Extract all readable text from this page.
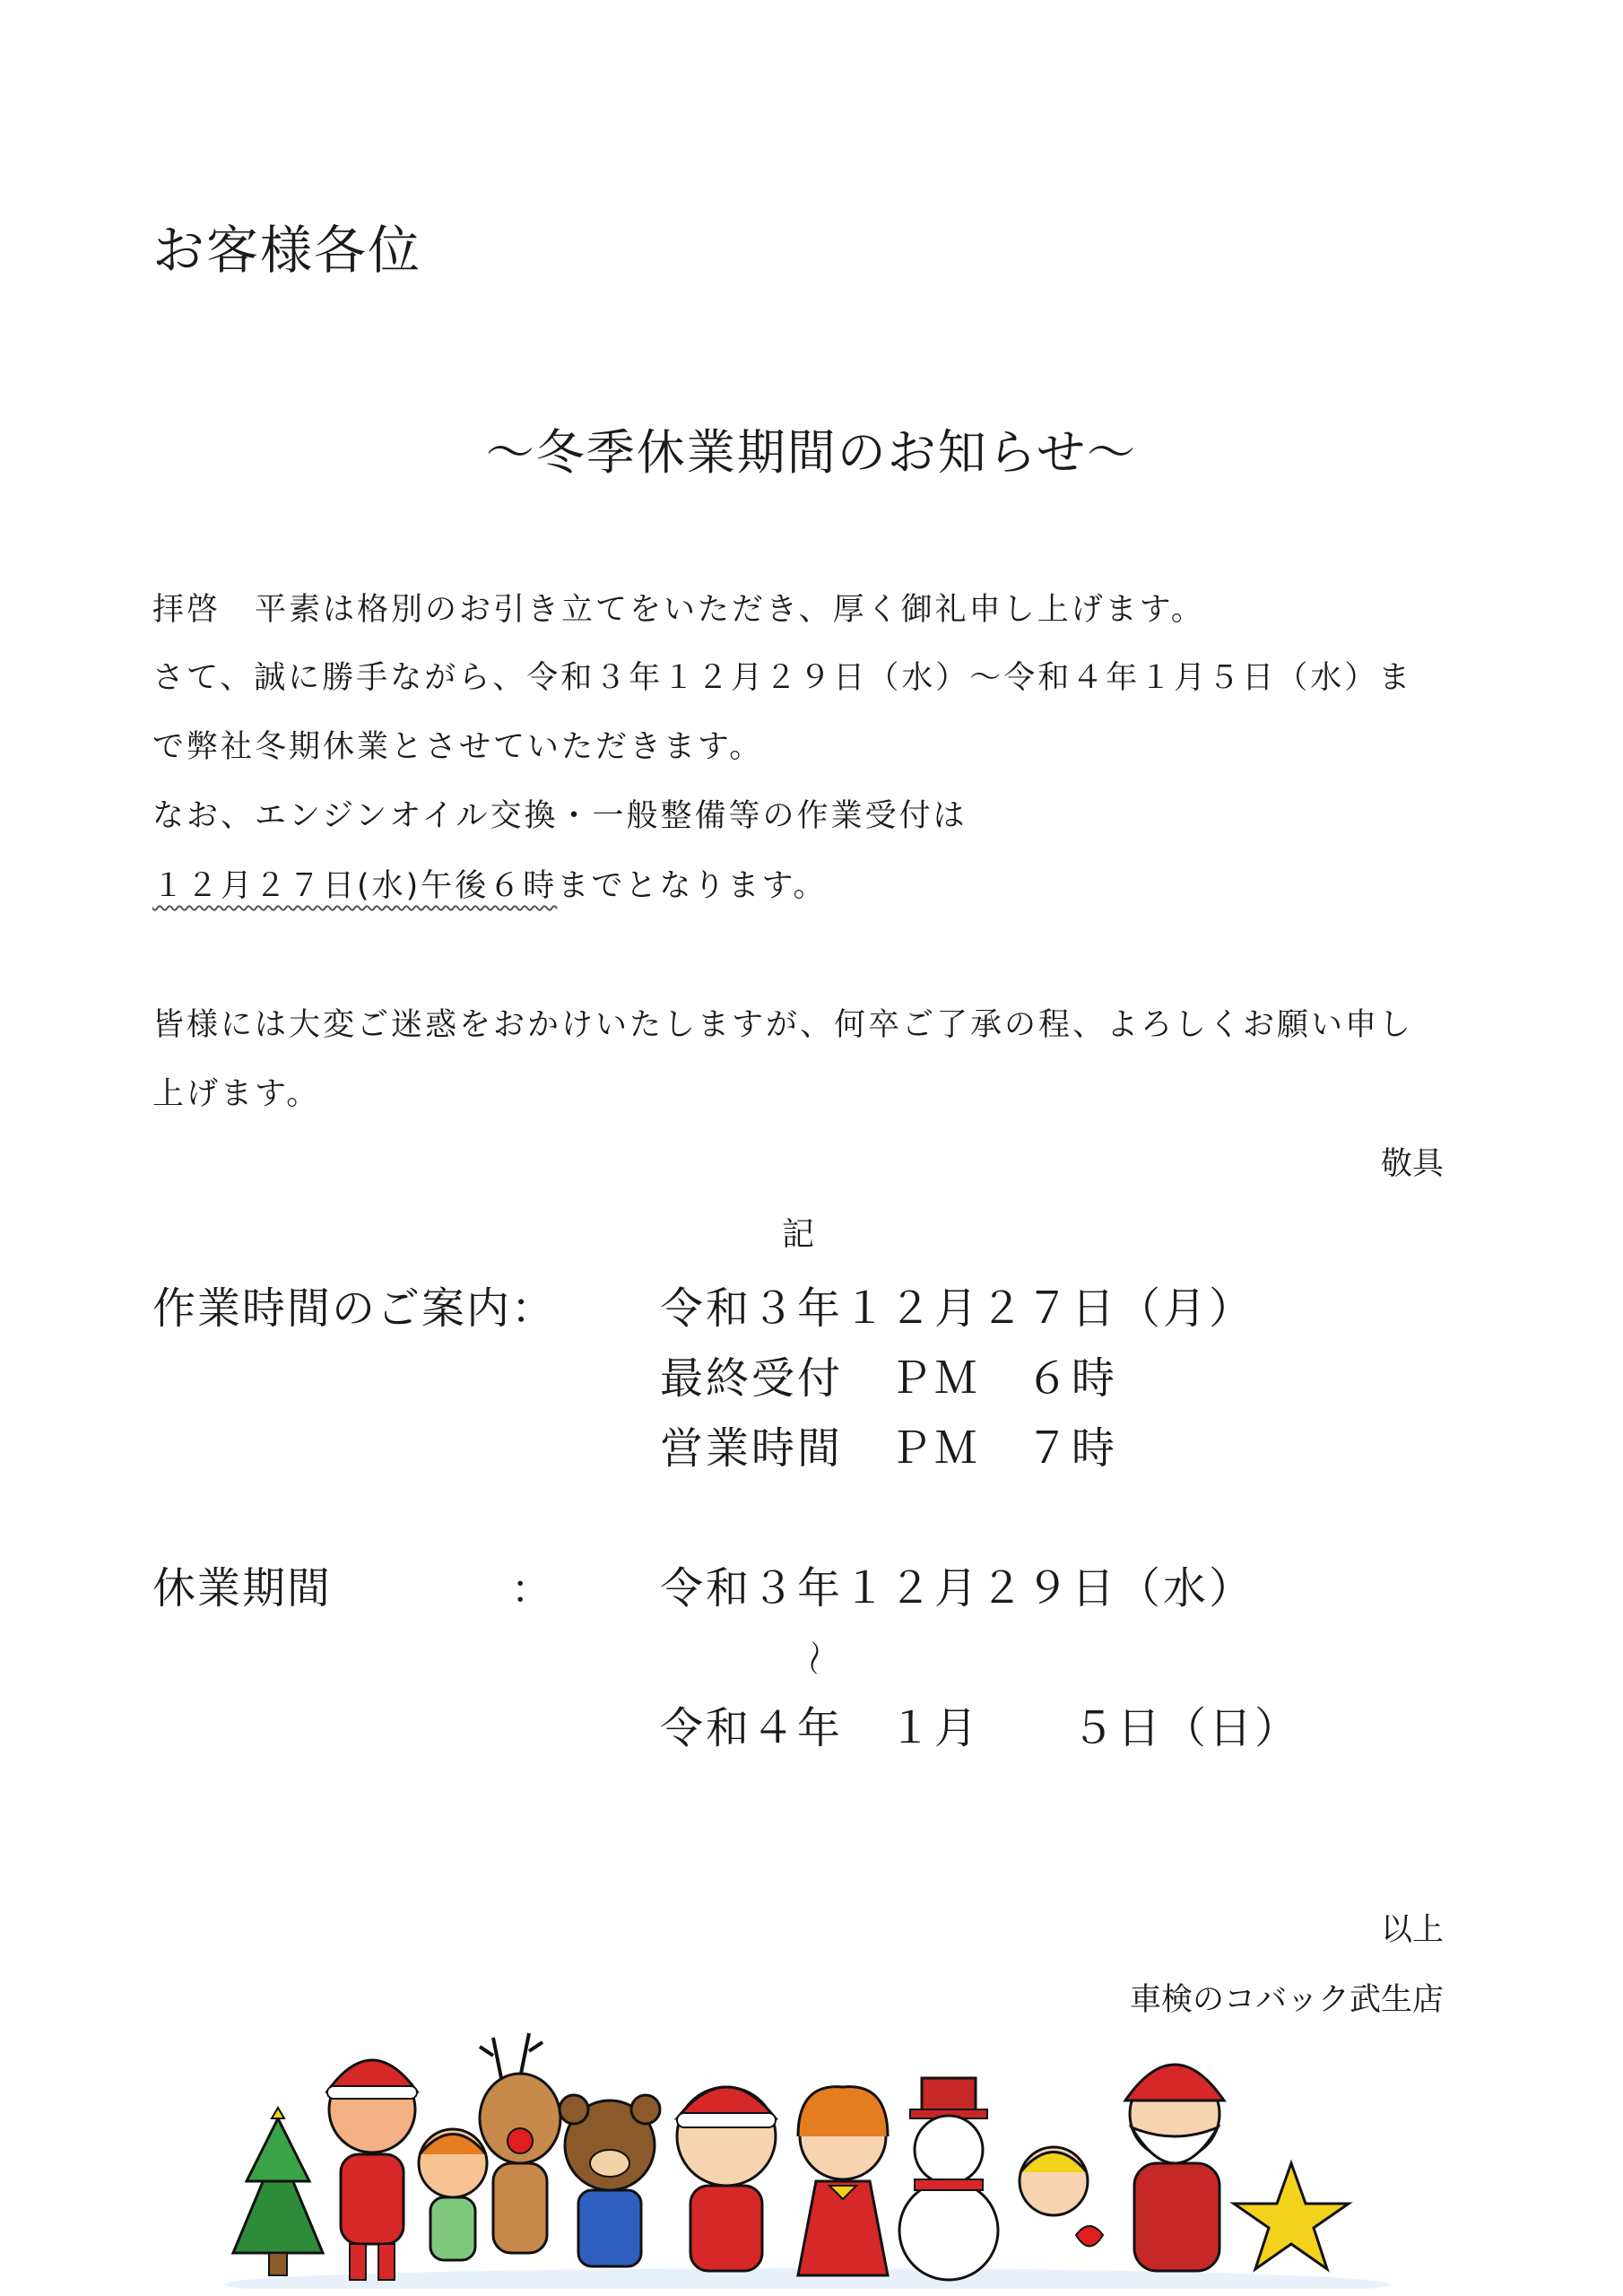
お客様各位
～冬季休業期間のお知らせ～
拝啓　平素は格別のお引き立てをいただき、厚く御礼申し上げます。
さて、誠に勝手ながら、令和３年１２月２９日（水）～令和４年１月５日（水）ま
で弊社冬期休業とさせていただきます。
なお、エンジンオイル交換・一般整備等の作業受付は
１２月２７日(水)午後６時までとなります。
皆様には大変ご迷惑をおかけいたしますが、何卒ご了承の程、よろしくお願い申し
上げます。
敬具
記
作業時間のご案内： 令和３年１２月２７日（月）
最終受付　ＰＭ　６時
営業時間　ＰＭ　７時
休業期間	：	令和３年１２月２９日（水）
～
令和４年　１月　　５日（日）
以上
車検のコバック武生店
